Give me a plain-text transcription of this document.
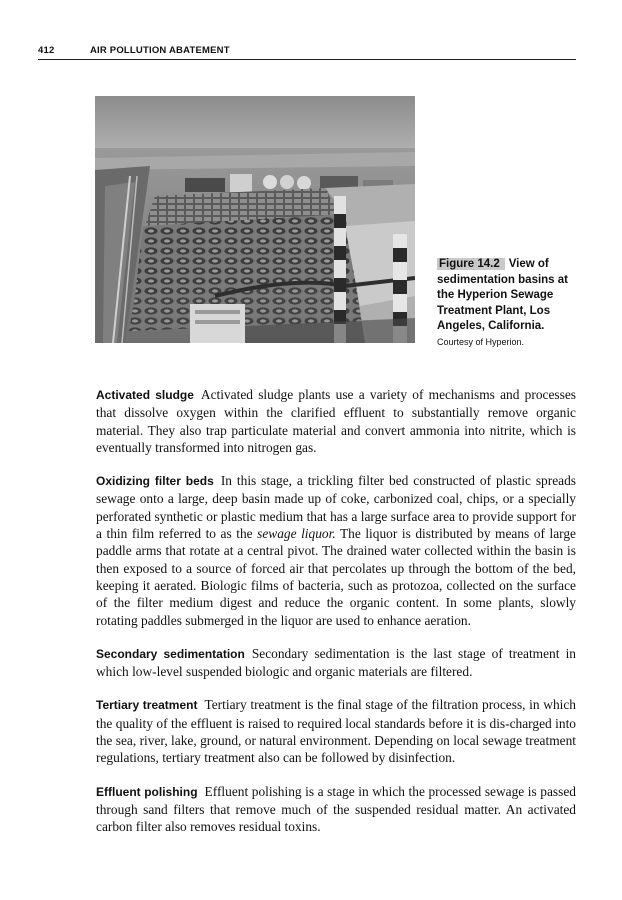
412	AIR POLLUTION ABATEMENT
Figure 14.2 View of sedimentation basins at the Hyperion Sewage Treatment Plant, Los Angeles, California.
Courtesy of Hyperion.

Activated sludge Activated sludge plants use a variety of mechanisms and processes that dissolve oxygen within the clarified effluent to substantially remove organic material. They also trap particulate material and convert ammonia into nitrite, which is eventually transformed into nitrogen gas.

Oxidizing filter beds In this stage, a trickling filter bed constructed of plastic spreads sewage onto a large, deep basin made up of coke, carbonized coal, chips, or a specially perforated synthetic or plastic medium that has a large surface area to provide support for a thin film referred to as the sewage liquor. The liquor is distributed by means of large paddle arms that rotate at a central pivot. The drained water collected within the basin is then exposed to a source of forced air that percolates up through the bottom of the bed, keeping it aerated. Biologic films of bacteria, such as protozoa, collected on the surface of the filter medium digest and reduce the organic content. In some plants, slowly rotating paddles submerged in the liquor are used to enhance aeration.

Secondary sedimentation Secondary sedimentation is the last stage of treatment in which low-level suspended biologic and organic materials are filtered.

Tertiary treatment Tertiary treatment is the final stage of the filtration process, in which the quality of the effluent is raised to required local standards before it is dis-charged into the sea, river, lake, ground, or natural environment. Depending on local sewage treatment regulations, tertiary treatment also can be followed by disinfection.

Effluent polishing Effluent polishing is a stage in which the processed sewage is passed through sand filters that remove much of the suspended residual matter. An activated carbon filter also removes residual toxins.
